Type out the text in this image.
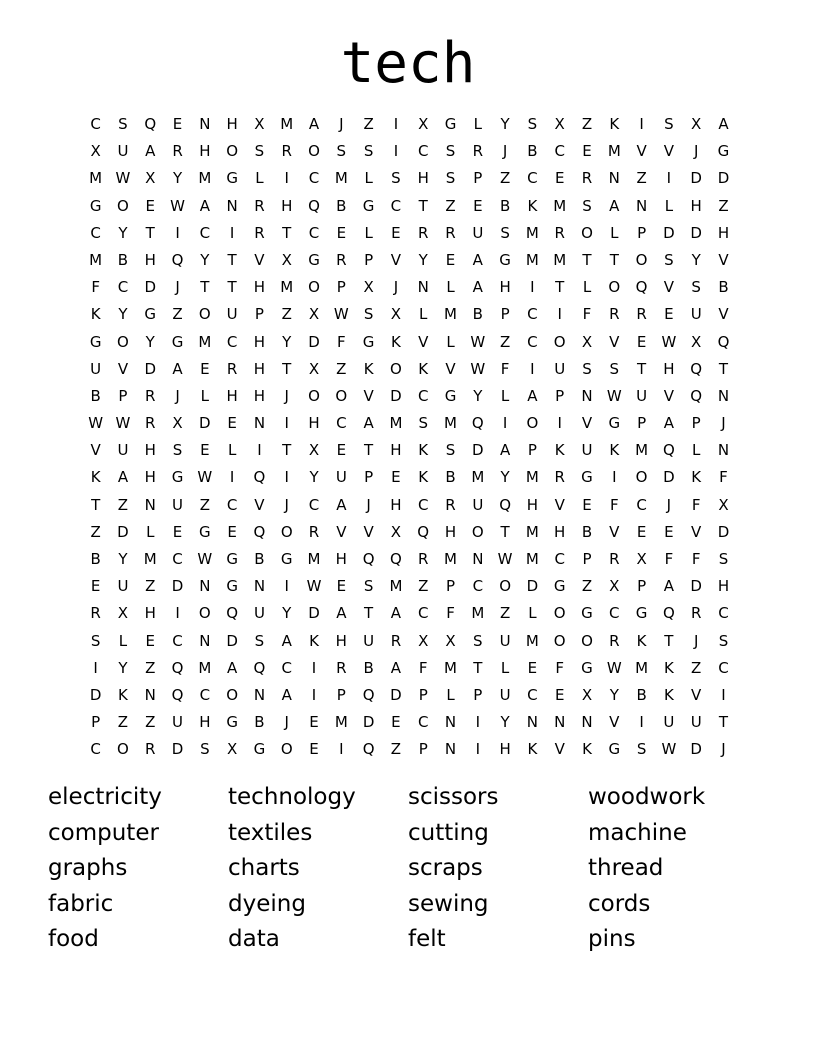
tech
C	S	Q	E	N	H	X	M	A	J	Z	I	X	G	L	Y	S	X	Z	K	I	S	X	A
X	U	A	R	H	O	S	R	O	S	S	I	C	S	R	J	B	C	E	M	V	V	J	G
M W X	Y	M	G	L	I	C	M	L	S	H	S	P	Z	C	E	R	N	Z	I	D	D
G	O	E	W A	N	R	H	Q	B	G	C	T	Z	E	B	K	M	S	A	N	L	H	Z
C	Y	T	I	C	I	R	T	C	E	L	E	R	R	U	S	M	R	O	L	P	D	D	H
M	B	H	Q	Y	T	V	X	G	R	P	V	Y	E	A	G	M M	T	T	O	S	Y	V
F	C	D	J	T	T	H	M O	P	X	J	N	L	A	H	I	T	L	O	Q	V	S	B
K	Y	G	Z	O	U	P	Z	X W	S	X	L	M	B	P	C	I	F	R	R	E	U	V
G	O	Y	G	M	C	H	Y	D	F	G	K	V	L	W Z	C	O	X	V	E	W X	Q
U	V	D	A	E	R	H	T	X	Z	K	O	K	V W	F	I	U	S	S	T	H	Q	T
B	P	R	J	L	H	H	J	O	O	V	D	C	G	Y	L	A	P	N W U	V	Q	N
W W R	X	D	E	N	I	H	C	A	M	S	M Q	I	O	I	V	G	P	A	P	J
V	U	H	S	E	L	I	T	X	E	T	H	K	S	D	A	P	K	U	K	M Q	L	N
K	A	H	G W	I	Q	I	Y	U	P	E	K	B	M	Y	M	R	G	I	O	D	K	F
T	Z	N	U	Z	C	V	J	C	A	J	H	C	R	U	Q	H	V	E	F	C	J	F	X
Z	D	L	E	G	E	Q	O	R	V	V	X	Q	H	O	T	M	H	B	V	E	E	V	D
B	Y	M	C W G	B	G	M	H	Q	Q	R	M	N W M	C	P	R	X	F	F	S
E	U	Z	D	N	G	N	I	W	E	S	M	Z	P	C	O	D	G	Z	X	P	A	D	H
R	X	H	I	O	Q	U	Y	D	A	T	A	C	F	M	Z	L	O	G	C	G	Q	R	C
S	L	E	C	N	D	S	A	K	H	U	R	X	X	S	U	M O	O	R	K	T	J	S
I	Y	Z	Q M	A	Q	C	I	R	B	A	F	M	T	L	E	F	G W M	K	Z	C
D	K	N	Q	C	O	N	A	I	P	Q	D	P	L	P	U	C	E	X	Y	B	K	V	I
P	Z	Z	U	H	G	B	J	E	M	D	E	C	N	I	Y	N	N	N	V	I	U	U	T
C	O	R	D	S	X	G	O	E	I	Q	Z	P	N	I	H	K	V	K	G	S	W D	J
electricity	technology	scissors	woodwork
computer	textiles	cutting	machine
graphs	charts	scraps	thread
fabric	dyeing	sewing	cords
food	data	felt	pins
